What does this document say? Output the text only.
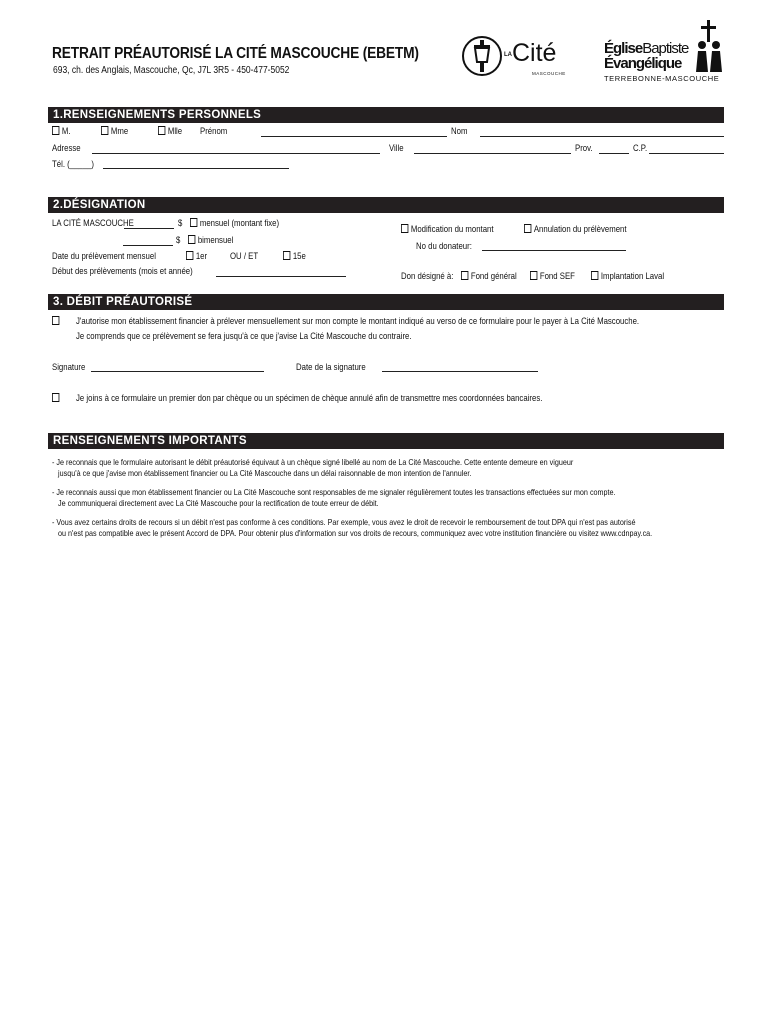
RETRAIT PRÉAUTORISÉ LA CITÉ MASCOUCHE (EBETM)
693, ch. des Anglais, Mascouche, Qc, J7L 3R5 - 450-477-5052
LA Cité
MASCOUCHE
ÉgliseBaptiste
Évangélique
TERREBONNE-MASCOUCHE
1.RENSEIGNEMENTS PERSONNELS
M.	Mme	Mlle Prénom	Nom
Adresse	Ville	Prov.	C.P.
Tél. (_____)
2.DÉSIGNATION
LA CITÉ MASCOUCHE	$	mensuel (montant fixe)
$	bimensuel
Date du prélèvement mensuel	1er OU / ET	15e
Début des prélèvements (mois et année)
Modification du montant	Annulation du prélèvement
No du donateur:
Don désigné à:	Fond général	Fond SEF	Implantation Laval
3. DÉBIT PRÉAUTORISÉ
J'autorise mon établissement financier à prélever mensuellement sur mon compte le montant indiqué au verso de ce formulaire pour le payer à La Cité Mascouche.
Je comprends que ce prélèvement se fera jusqu'à ce que j'avise La Cité Mascouche du contraire.
Signature	Date de la signature
Je joins à ce formulaire un premier don par chèque ou un spécimen de chèque annulé afin de transmettre mes coordonnées bancaires.
RENSEIGNEMENTS IMPORTANTS
- Je reconnais que le formulaire autorisant le débit préautorisé équivaut à un chèque signé libellé au nom de La Cité Mascouche. Cette entente demeure en vigueur
jusqu'à ce que j'avise mon établissement financier ou La Cité Mascouche dans un délai raisonnable de mon intention de l'annuler.
- Je reconnais aussi que mon établissement financier ou La Cité Mascouche sont responsables de me signaler régulièrement toutes les transactions effectuées sur mon compte.
Je communiquerai directement avec La Cité Mascouche pour la rectification de toute erreur de débit.
- Vous avez certains droits de recours si un débit n'est pas conforme à ces conditions. Par exemple, vous avez le droit de recevoir le remboursement de tout DPA qui n'est pas autorisé
ou n'est pas compatible avec le présent Accord de DPA. Pour obtenir plus d'information sur vos droits de recours, communiquez avec votre institution financière ou visitez www.cdnpay.ca.
